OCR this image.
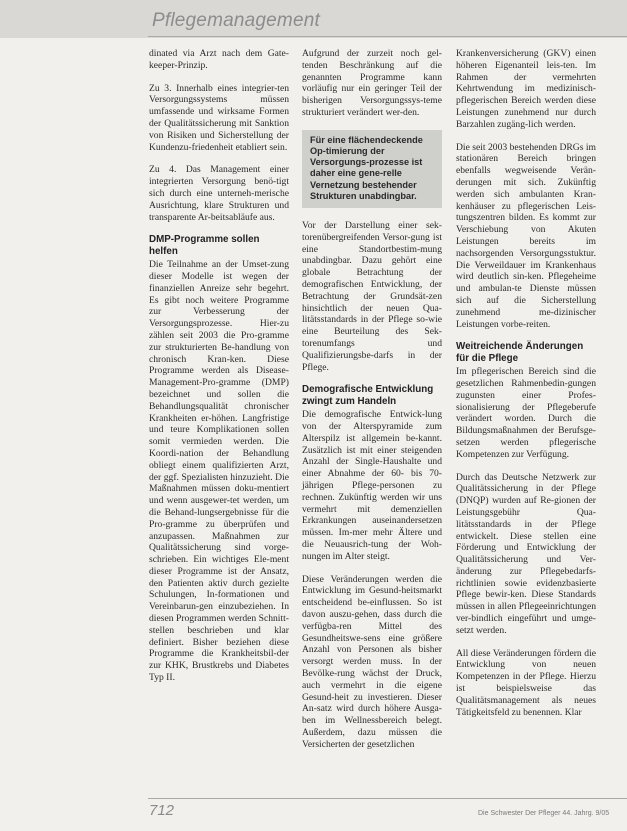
Pflegemanagement

dinated via Arzt nach dem Gate-keeper-Prinzip.

Zu 3. Innerhalb eines integrier-ten Versorgungssystems müssen umfassende und wirksame Formen der Qualitätssicherung mit Sanktion von Risiken und Sicherstellung der Kundenzu-friedenheit etabliert sein.

Zu 4. Das Management einer integrierten Versorgung benö-tigt sich durch eine unterneh-merische Ausrichtung, klare Strukturen und transparente Ar-beitsabläufe aus.

DMP-Programme sollen helfen

Die Teilnahme an der Umset-zung dieser Modelle ist wegen der finanziellen Anreize sehr begehrt. Es gibt noch weitere Programme zur Verbesserung der Versorgungsprozesse. Hier-zu zählen seit 2003 die Pro-gramme zur strukturierten Be-handlung von chronisch Kran-ken. Diese Programme werden als Disease-Management-Pro-gramme (DMP) bezeichnet und sollen die Behandlungsqualität chronischer Krankheiten er-höhen. Langfristige und teure Komplikationen sollen somit vermieden werden. Die Koordi-nation der Behandlung obliegt einem qualifizierten Arzt, der ggf. Spezialisten hinzuzieht. Die Maßnahmen müssen doku-mentiert und wenn ausgewer-tet werden, um die Behand-lungsergebnisse für die Pro-gramme zu überprüfen und anzupassen. Maßnahmen zur Qualitätssicherung sind vorge-schrieben. Ein wichtiges Ele-ment dieser Programme ist der Ansatz, den Patienten aktiv durch gezielte Schulungen, In-formationen und Vereinbarun-gen einzubeziehen. In diesen Programmen werden Schnitt-stellen beschrieben und klar definiert. Bisher beziehen diese Programme die Krankheitsbil-der zur KHK, Brustkrebs und Diabetes Typ II.

Aufgrund der zurzeit noch gel-tenden Beschränkung auf die genannten Programme kann vorläufig nur ein geringer Teil der bisherigen Versorgungssys-teme strukturiert verändert wer-den.

Für eine flächendeckende Op-timierung der Versorgungs-prozesse ist daher eine gene-relle Vernetzung bestehender Strukturen unabdingbar.

Vor der Darstellung einer sek-torenübergreifenden Versor-gung ist eine Standortbestim-mung unabdingbar. Dazu gehört eine globale Betrachtung der demografischen Entwicklung, der Betrachtung der Grundsät-zen hinsichtlich der neuen Qua-litätsstandards in der Pflege so-wie eine Beurteilung des Sek-torenumfangs und Qualifizierungsbe-darfs in der Pflege.

Demografische Entwicklung zwingt zum Handeln

Die demografische Entwick-lung von der Alterspyramide zum Alterspilz ist allgemein be-kannt. Zusätzlich ist mit einer steigenden Anzahl der Single-Haushalte und einer Abnahme der 60- bis 70-jährigen Pflege-personen zu rechnen. Zukünftig werden wir uns vermehrt mit demenziellen Erkrankungen auseinandersetzen müssen. Im-mer mehr Ältere und die Neuausrich-tung der Woh-nungen im Alter steigt.

Diese Veränderungen werden die Entwicklung im Gesund-heitsmarkt entscheidend be-einflussen. So ist davon auszu-gehen, dass durch die verfügba-ren Mittel des Gesundheitswe-sens eine größere Anzahl von Personen als bisher versorgt werden muss. In der Bevölke-rung wächst der Druck, auch vermehrt in die eigene Gesund-heit zu investieren. Dieser An-satz wird durch höhere Ausga-ben im Wellnessbereich belegt. Außerdem, dazu müssen die Versicherten der gesetzlichen

Krankenversicherung (GKV) einen höheren Eigenanteil leis-ten. Im Rahmen der vermehrten Kehrtwendung im medizinisch-pflegerischen Bereich werden diese Leistungen zunehmend nur durch Barzahlen zugäng-lich werden.

Die seit 2003 bestehenden DRGs im stationären Bereich bringen ebenfalls wegweisende Verän-derungen mit sich. Zukünftig werden sich ambulanten Kran-kenhäuser zu pflegerischen Leis-tungszentren bilden. Es kommt zur Verschiebung von Akuten Leistungen bereits im nachsorgenden Versorgungsstuktur. Die Verweildauer im Krankenhaus wird deutlich sin-ken. Pflegeheime und ambulan-te Dienste müssen sich auf die Sicherstellung zunehmend me-dizinischer Leistungen vorbe-reiten.

Weitreichende Änderungen für die Pflege

Im pflegerischen Bereich sind die gesetzlichen Rahmenbedin-gungen zugunsten einer Profes-sionalisierung der Pflegeberufe verändert worden. Durch die Bildungsmaßnahmen der Berufsge-setzen werden pflegerische Kompetenzen zur Verfügung.

Durch das Deutsche Netzwerk zur Qualitätssicherung in der Pflege (DNQP) wurden auf Re-gionen der Leistungsgebühr Qua-litätsstandards in der Pflege entwickelt. Diese stellen eine Förderung und Entwicklung der Qualitätssicherung und Ver-änderung zur Pflegebedarfs-richtlinien sowie evidenzbasierte Pflege bewir-ken. Diese Standards müssen in allen Pflegeeinrichtungen ver-bindlich eingeführt und umge-setzt werden.

All diese Veränderungen fördern die Entwicklung von neuen Kompetenzen in der Pflege. Hierzu ist beispielsweise das Qualitätsmanagement als neues Tätigkeitsfeld zu benennen. Klar

712	Die Schwester Der Pfleger 44. Jahrg. 9/05
